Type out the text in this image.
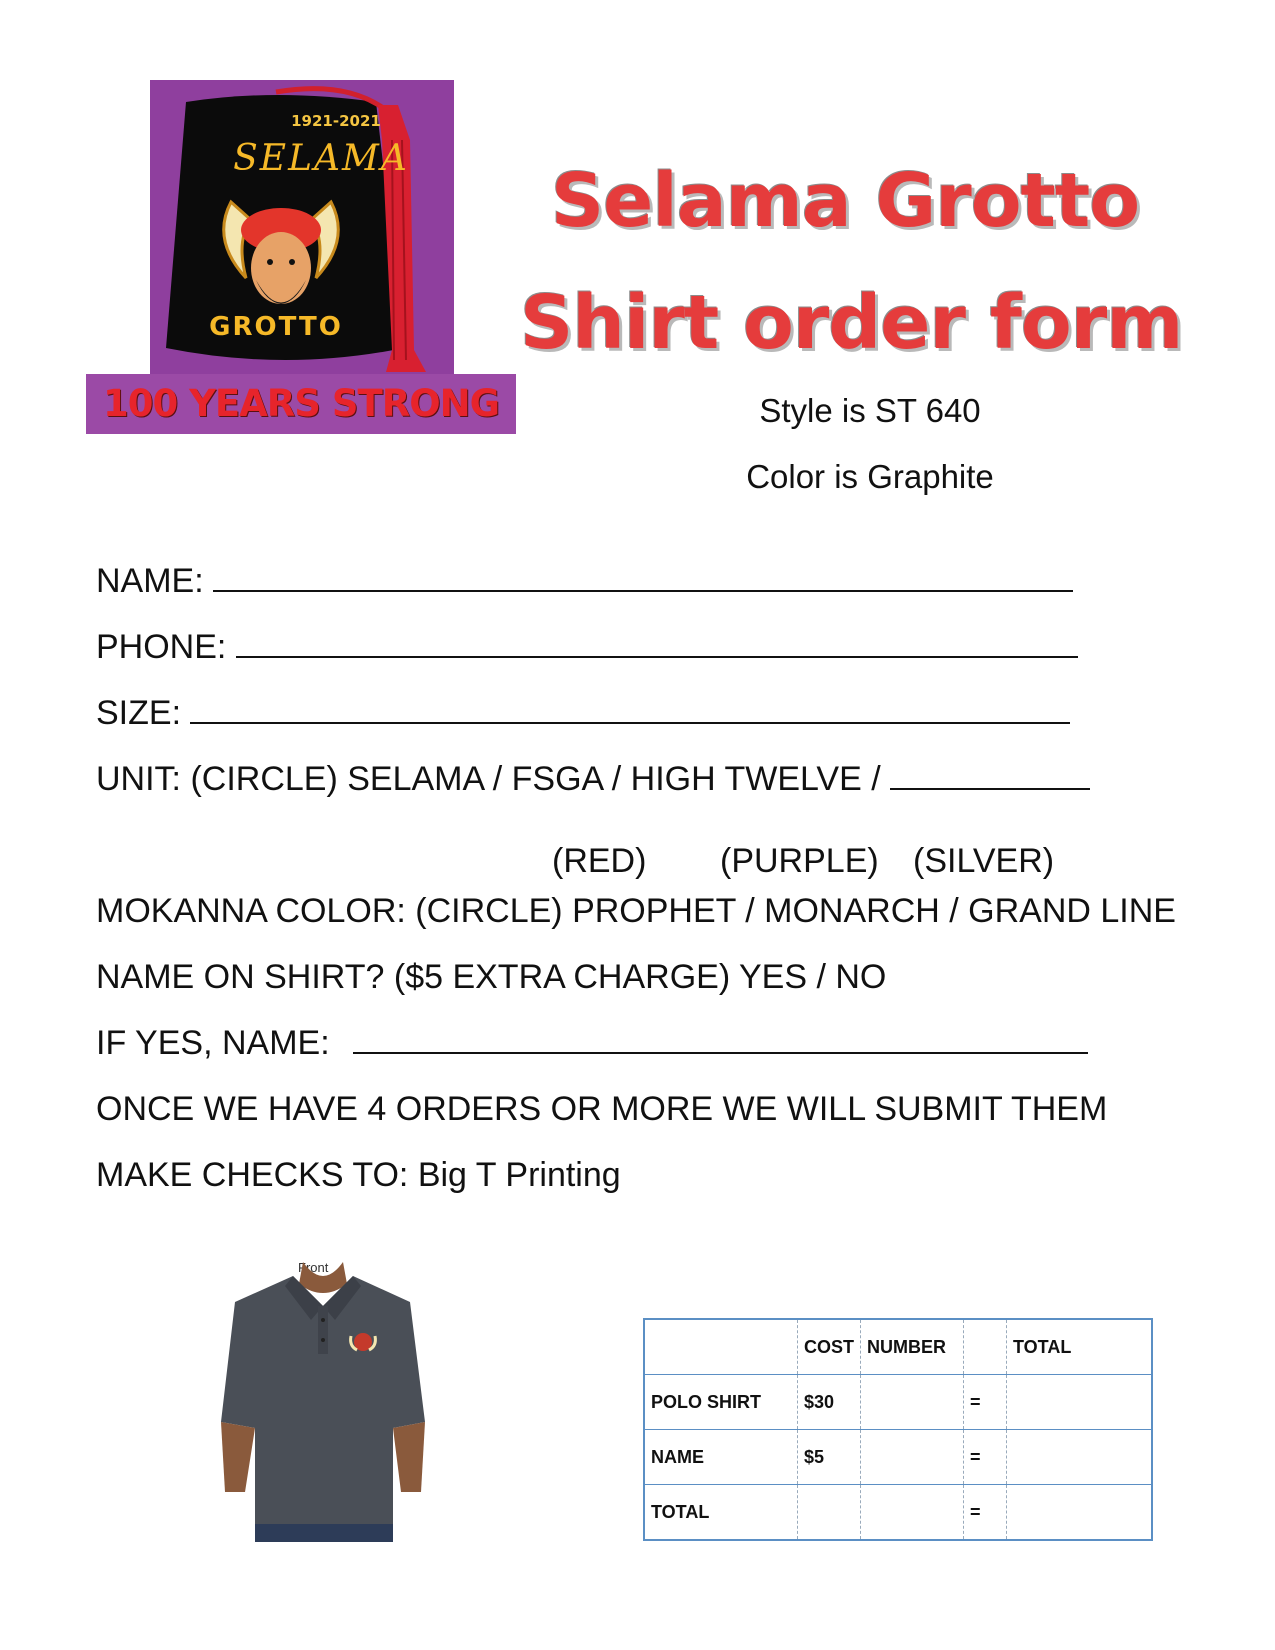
1921-2021
SELAMA
GROTTO
100 YEARS STRONG
Selama Grotto
Shirt order form
Style is ST 640
Color is Graphite
NAME:
PHONE:
SIZE:
UNIT: (CIRCLE) SELAMA / FSGA / HIGH TWELVE /
(RED) (PURPLE) (SILVER)
MOKANNA COLOR: (CIRCLE) PROPHET / MONARCH / GRAND LINE
NAME ON SHIRT? ($5 EXTRA CHARGE) YES / NO
IF YES, NAME:
ONCE WE HAVE 4 ORDERS OR MORE WE WILL SUBMIT THEM
MAKE CHECKS TO: Big T Printing
Front
	COST	NUMBER		TOTAL
POLO SHIRT	$30		=	
NAME	$5		=	
TOTAL			=	
